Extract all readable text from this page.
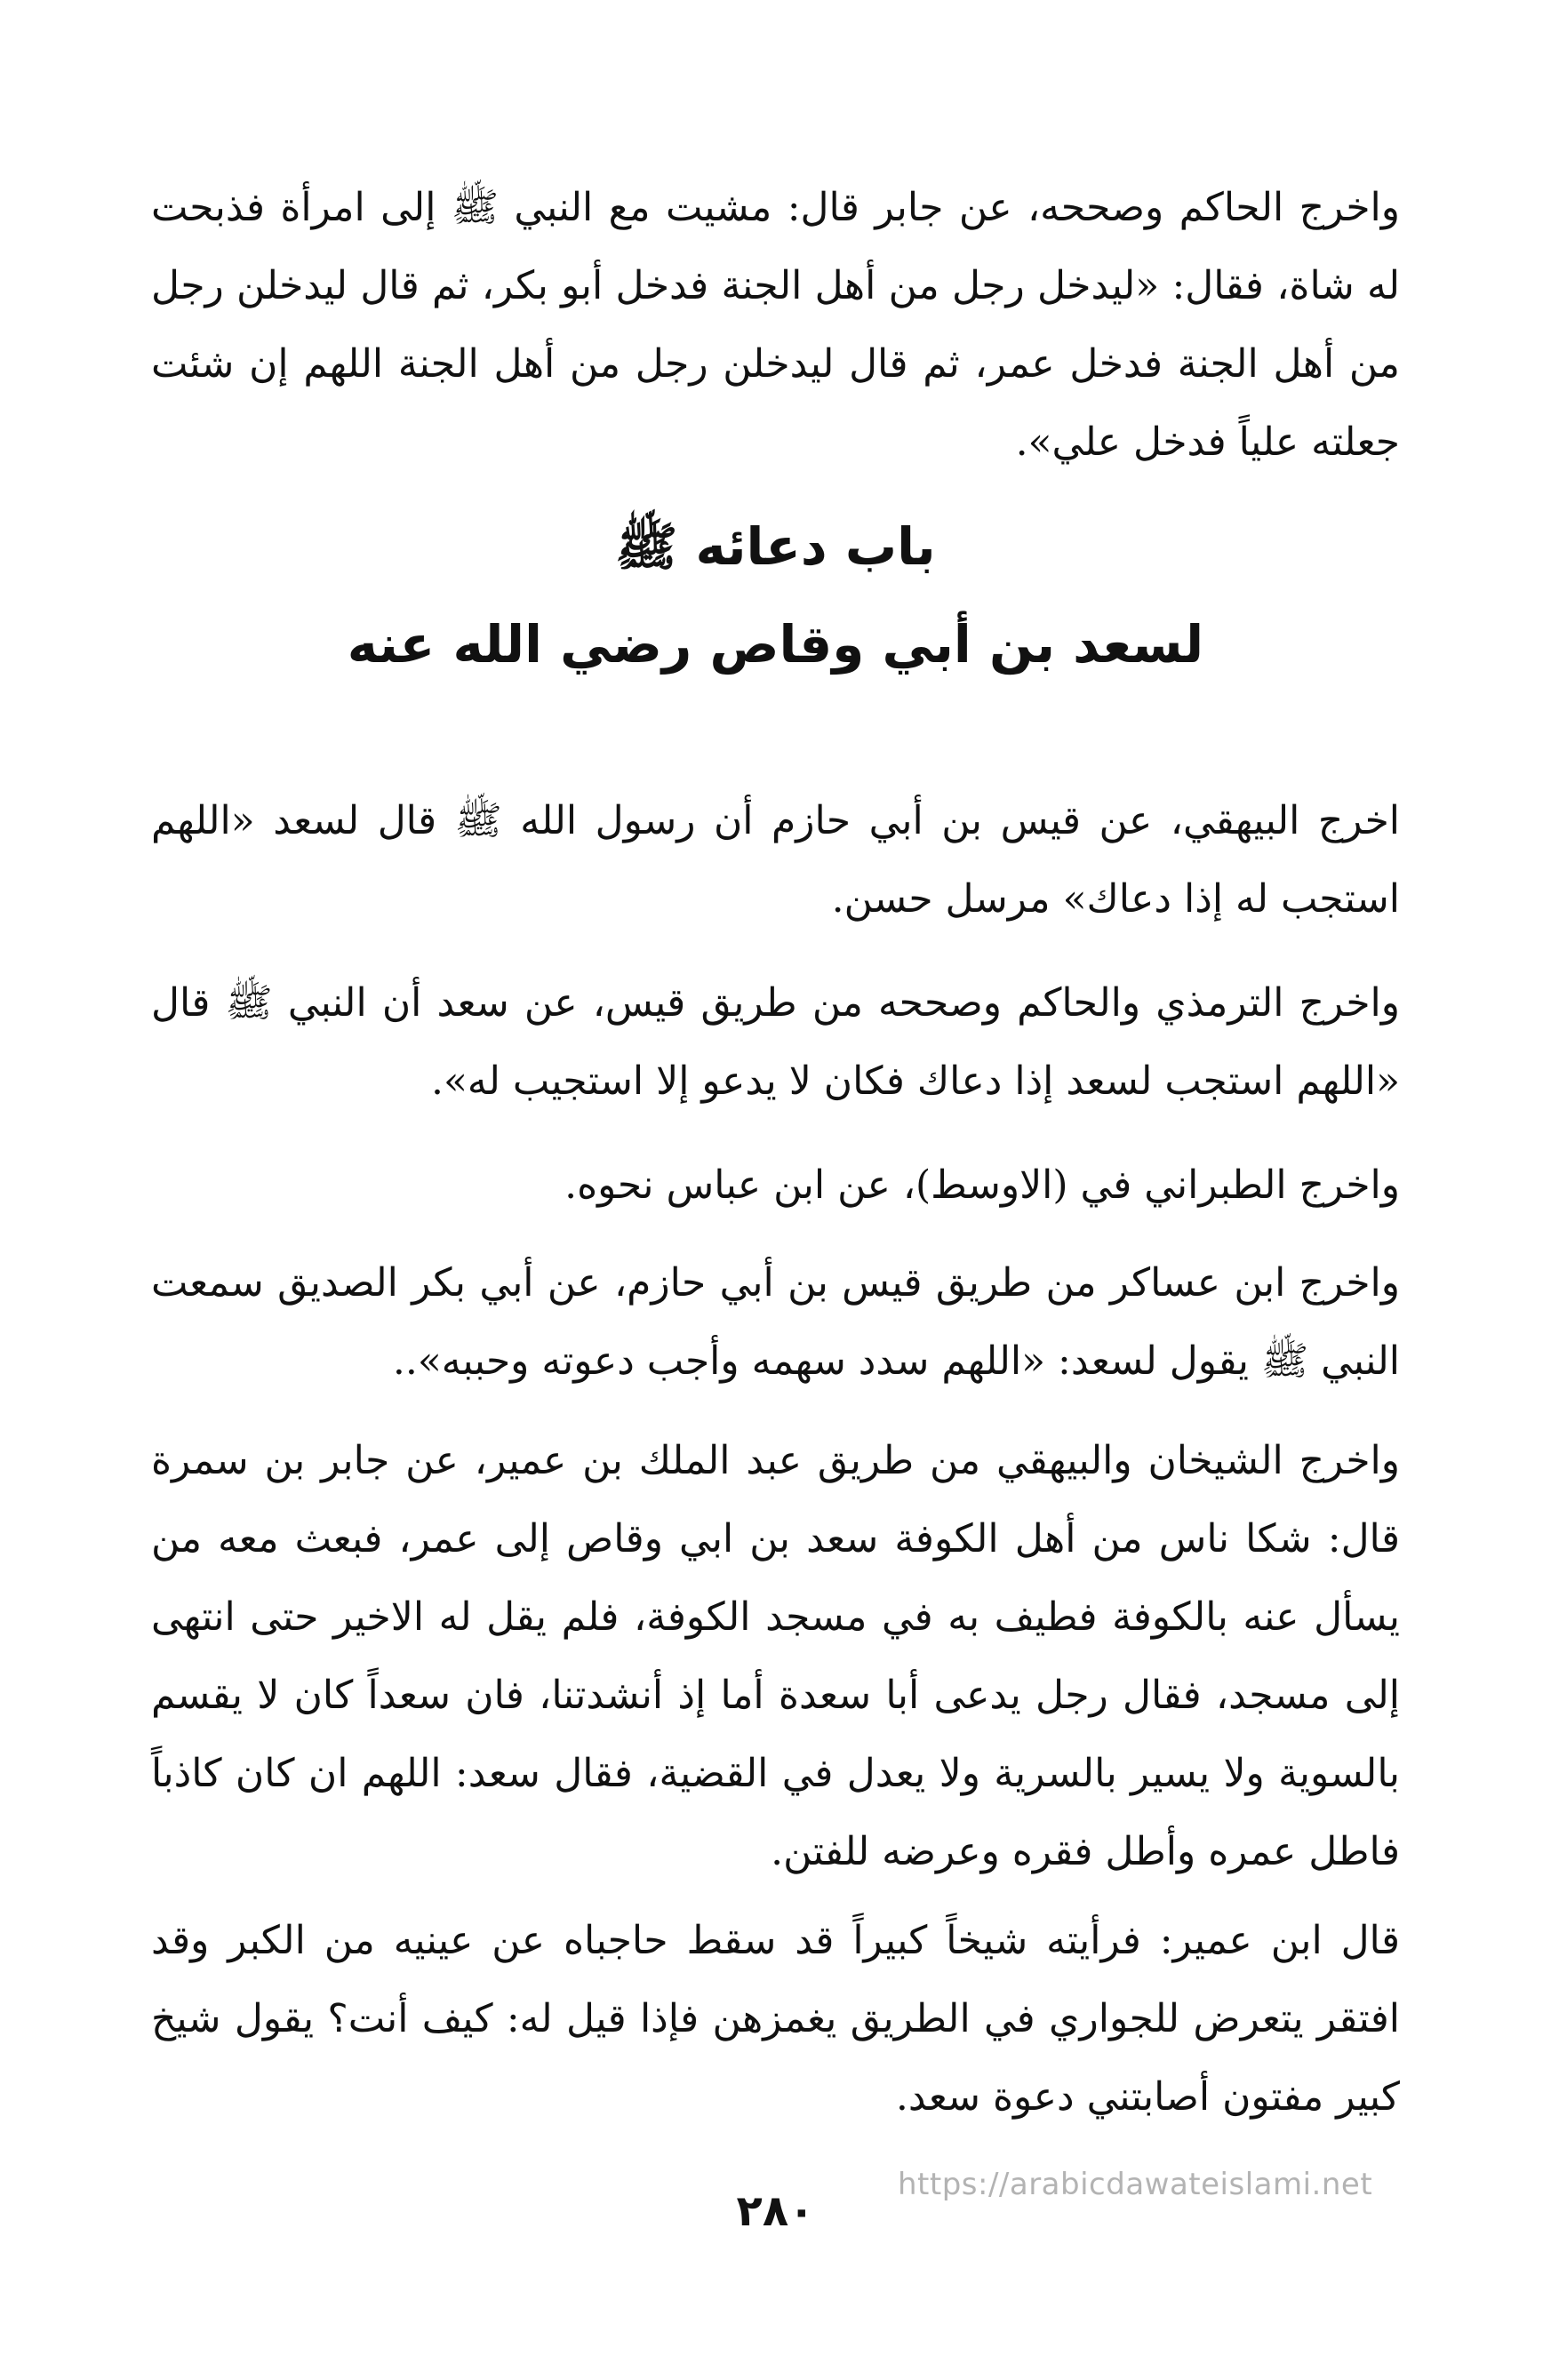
واخرج الحاكم وصححه، عن جابر قال: مشيت مع النبي ﷺ إلى امرأة فذبحت له شاة، فقال: «ليدخل رجل من أهل الجنة فدخل أبو بكر، ثم قال ليدخلن رجل من أهل الجنة فدخل عمر، ثم قال ليدخلن رجل من أهل الجنة اللهم إن شئت جعلته علياً فدخل علي».

باب دعائه ﷺ
لسعد بن أبي وقاص رضي الله عنه

اخرج البيهقي، عن قيس بن أبي حازم أن رسول الله ﷺ قال لسعد «اللهم استجب له إذا دعاك» مرسل حسن.

واخرج الترمذي والحاكم وصححه من طريق قيس، عن سعد أن النبي ﷺ قال «اللهم استجب لسعد إذا دعاك فكان لا يدعو إلا استجيب له».

واخرج الطبراني في (الاوسط)، عن ابن عباس نحوه.

واخرج ابن عساكر من طريق قيس بن أبي حازم، عن أبي بكر الصديق سمعت النبي ﷺ يقول لسعد: «اللهم سدد سهمه وأجب دعوته وحببه»..

واخرج الشيخان والبيهقي من طريق عبد الملك بن عمير، عن جابر بن سمرة قال: شكا ناس من أهل الكوفة سعد بن ابي وقاص إلى عمر، فبعث معه من يسأل عنه بالكوفة فطيف به في مسجد الكوفة، فلم يقل له الاخير حتى انتهى إلى مسجد، فقال رجل يدعى أبا سعدة أما إذ أنشدتنا، فان سعداً كان لا يقسم بالسوية ولا يسير بالسرية ولا يعدل في القضية، فقال سعد: اللهم ان كان كاذباً فاطل عمره وأطل فقره وعرضه للفتن.

قال ابن عمير: فرأيته شيخاً كبيراً قد سقط حاجباه عن عينيه من الكبر وقد افتقر يتعرض للجواري في الطريق يغمزهن فإذا قيل له: كيف أنت؟ يقول شيخ كبير مفتون أصابتني دعوة سعد.

https://arabicdawateislami.net
٢٨٠
